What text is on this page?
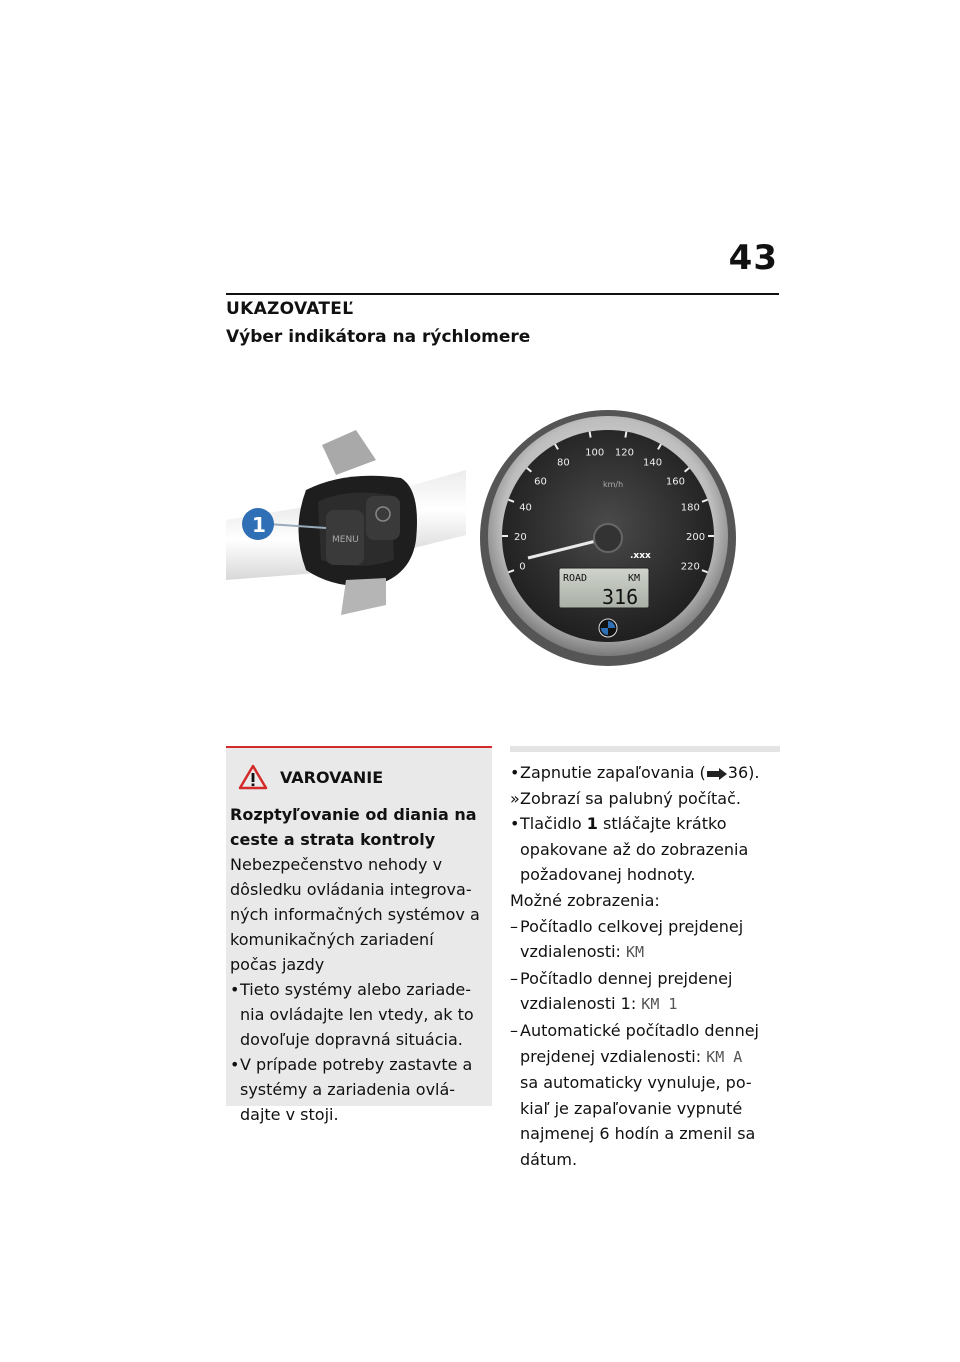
43
UKAZOVATEĽ
Výber indikátora na rýchlomere
MENU
1
0
20
40
60
80
100 120
140
160
180
200
220
km/h
.xxx
ROAD	KM
316
VAROVANIE
Rozptyľovanie od diania na ceste a strata kontroly
Nebezpečenstvo nehody v dôsledku ovládania integrova-ných informačných systémov a komunikačných zariadení počas jazdy
• Tieto systémy alebo zariade-nia ovládajte len vtedy, ak to dovoľuje dopravná situácia.
• V prípade potreby zastavte a systémy a zariadenia ovlá-dajte v stoji.
• Zapnutie zapaľovania ( 36).
» Zobrazí sa palubný počítač.
• Tlačidlo 1 stláčajte krátko opakovane až do zobrazenia požadovanej hodnoty.
Možné zobrazenia:
– Počítadlo celkovej prejdenej vzdialenosti: KM
– Počítadlo dennej prejdenej vzdialenosti 1: KM 1
– Automatické počítadlo dennej prejdenej vzdialenosti: KM A
sa automaticky vynuluje, po-kiaľ je zapaľovanie vypnuté najmenej 6 hodín a zmenil sa dátum.
